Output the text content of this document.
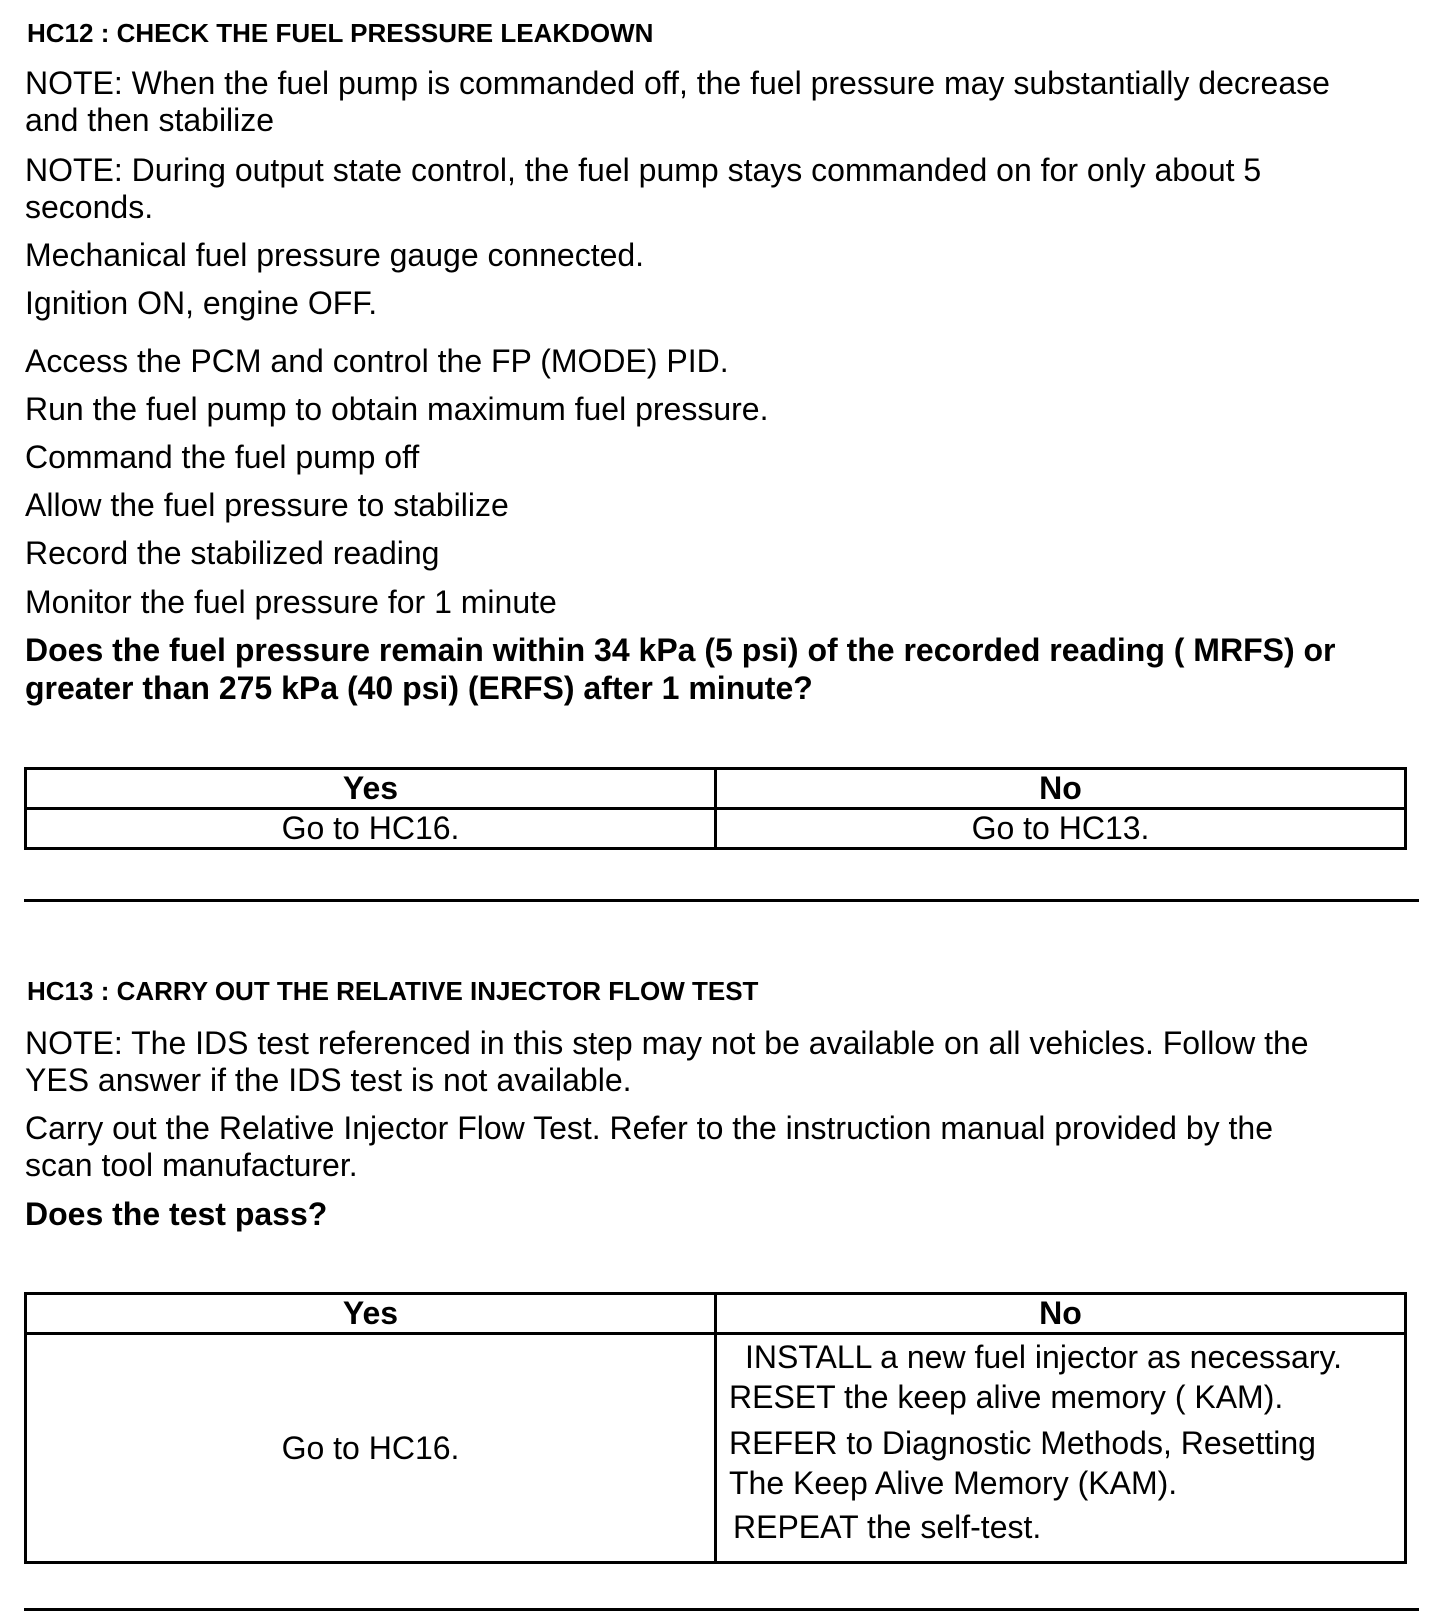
HC12 : CHECK THE FUEL PRESSURE LEAKDOWN
NOTE: When the fuel pump is commanded off, the fuel pressure may substantially decrease
and then stabilize
NOTE: During output state control, the fuel pump stays commanded on for only about 5
seconds.
Mechanical fuel pressure gauge connected.
Ignition ON, engine OFF.
Access the PCM and control the FP (MODE) PID.
Run the fuel pump to obtain maximum fuel pressure.
Command the fuel pump off
Allow the fuel pressure to stabilize
Record the stabilized reading
Monitor the fuel pressure for 1 minute
Does the fuel pressure remain within 34 kPa (5 psi) of the recorded reading ( MRFS) or
greater than 275 kPa (40 psi) (ERFS) after 1 minute?
Yes	No
Go to HC16.	Go to HC13.
HC13 : CARRY OUT THE RELATIVE INJECTOR FLOW TEST
NOTE: The IDS test referenced in this step may not be available on all vehicles. Follow the
YES answer if the IDS test is not available.
Carry out the Relative Injector Flow Test. Refer to the instruction manual provided by the
scan tool manufacturer.
Does the test pass?
Yes	No
Go to HC16.	INSTALL a new fuel injector as necessary.
RESET the keep alive memory ( KAM).
REFER to Diagnostic Methods, Resetting
The Keep Alive Memory (KAM).
REPEAT the self-test.
